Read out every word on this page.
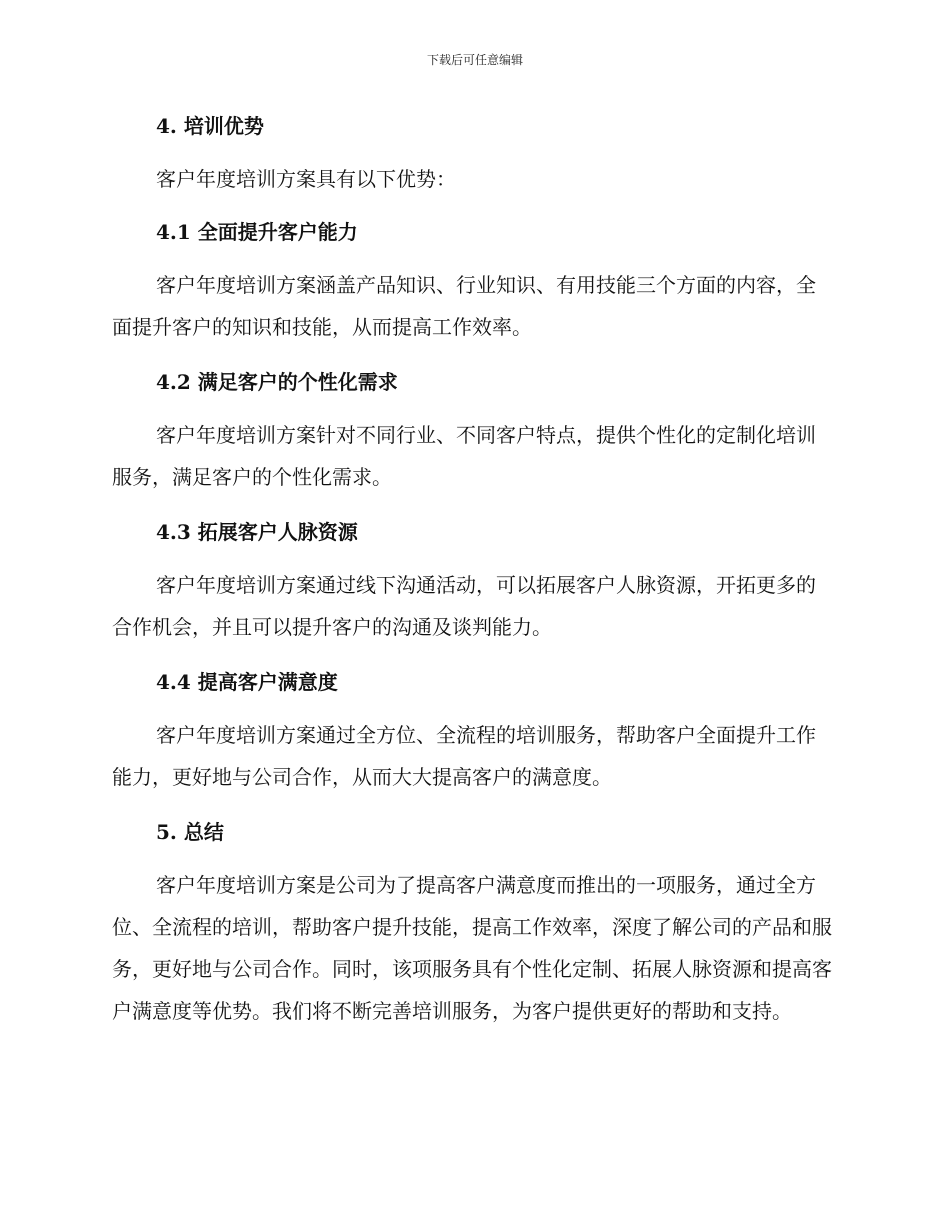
下载后可任意编辑
4. 培训优势

客户年度培训方案具有以下优势：

4.1 全面提升客户能力

客户年度培训方案涵盖产品知识、行业知识、有用技能三个方面的内容，全面提升客户的知识和技能，从而提高工作效率。

4.2 满足客户的个性化需求

客户年度培训方案针对不同行业、不同客户特点，提供个性化的定制化培训服务，满足客户的个性化需求。

4.3 拓展客户人脉资源

客户年度培训方案通过线下沟通活动，可以拓展客户人脉资源，开拓更多的合作机会，并且可以提升客户的沟通及谈判能力。

4.4 提高客户满意度

客户年度培训方案通过全方位、全流程的培训服务，帮助客户全面提升工作能力，更好地与公司合作，从而大大提高客户的满意度。

5. 总结

客户年度培训方案是公司为了提高客户满意度而推出的一项服务，通过全方位、全流程的培训，帮助客户提升技能，提高工作效率，深度了解公司的产品和服务，更好地与公司合作。同时，该项服务具有个性化定制、拓展人脉资源和提高客户满意度等优势。我们将不断完善培训服务，为客户提供更好的帮助和支持。
